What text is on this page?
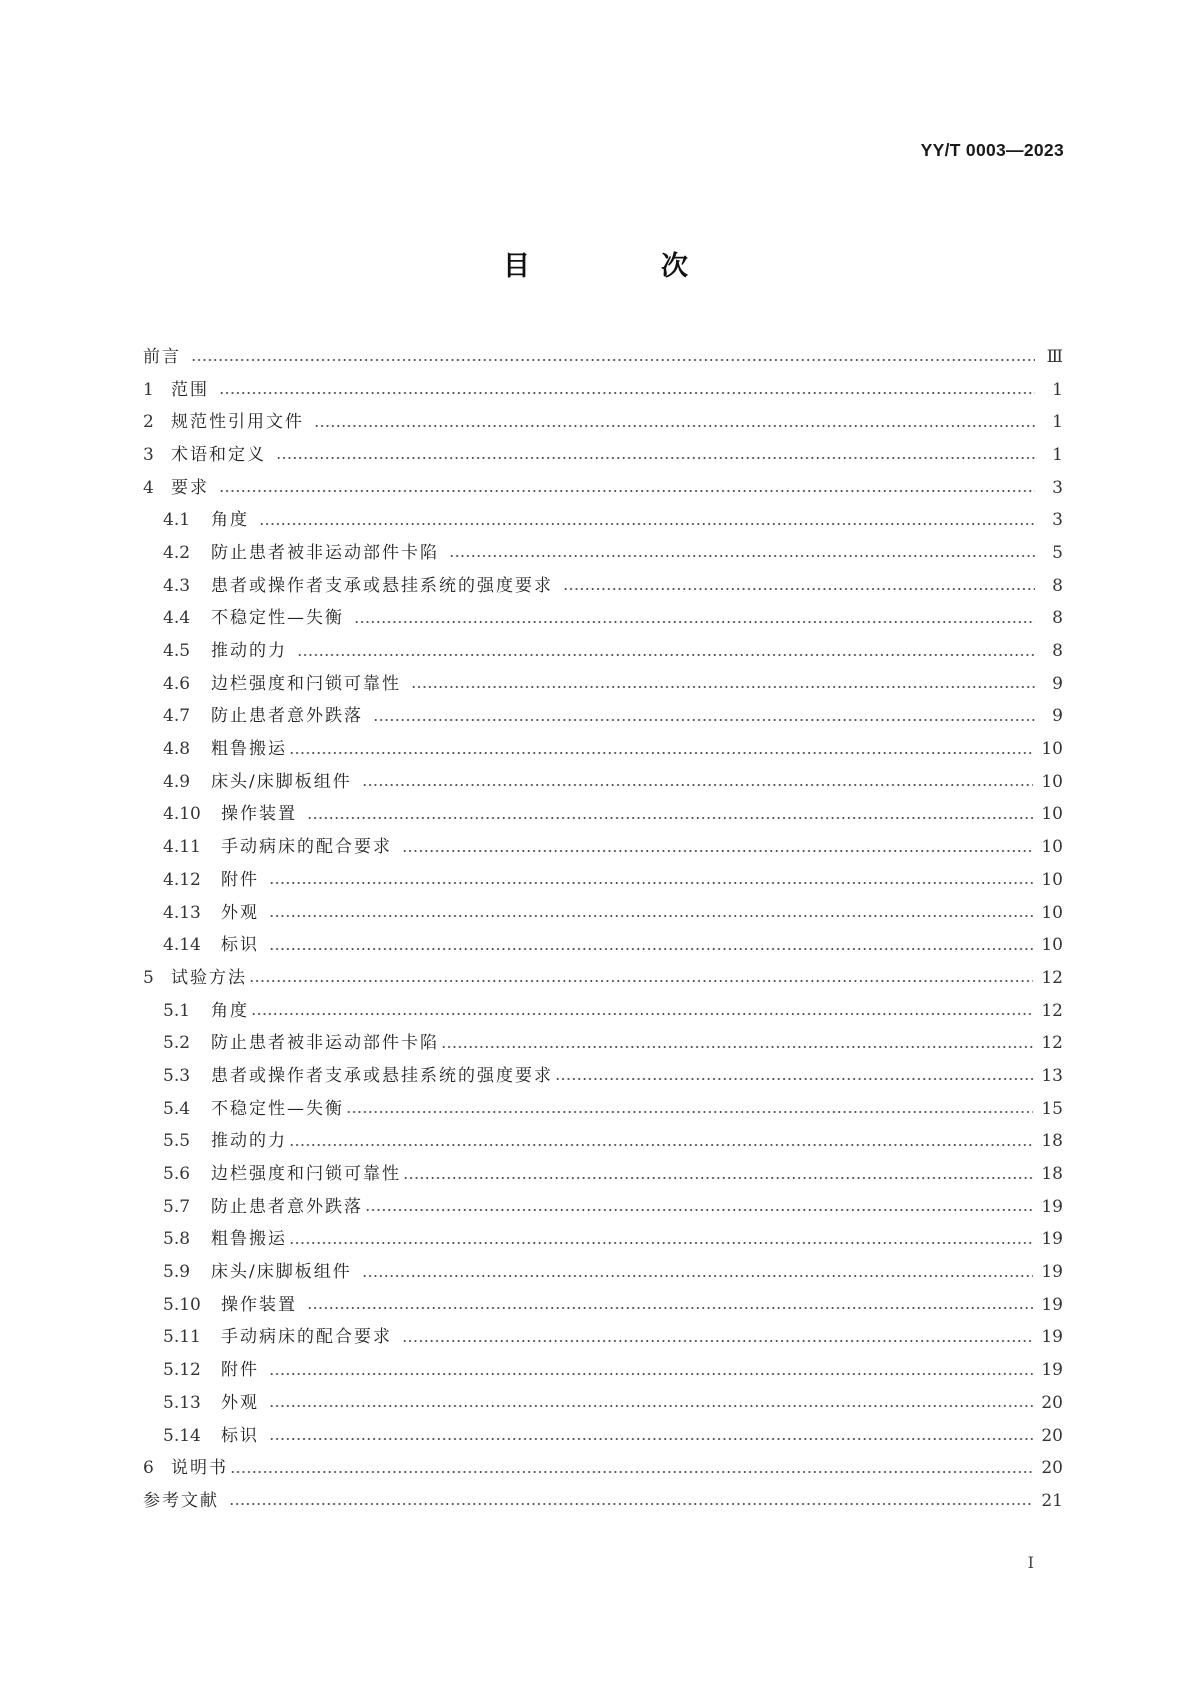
YY/T 0003—2023
目　次
前言	Ⅲ
1	范围	1
2	规范性引用文件	1
3	术语和定义	1
4	要求	3
4.1	角度	3
4.2	防止患者被非运动部件卡陷	5
4.3	患者或操作者支承或悬挂系统的强度要求	8
4.4	不稳定性—失衡	8
4.5	推动的力	8
4.6	边栏强度和闩锁可靠性	9
4.7	防止患者意外跌落	9
4.8	粗鲁搬运	10
4.9	床头/床脚板组件	10
4.10	操作装置	10
4.11	手动病床的配合要求	10
4.12	附件	10
4.13	外观	10
4.14	标识	10
5	试验方法	12
5.1	角度	12
5.2	防止患者被非运动部件卡陷	12
5.3	患者或操作者支承或悬挂系统的强度要求	13
5.4	不稳定性—失衡	15
5.5	推动的力	18
5.6	边栏强度和闩锁可靠性	18
5.7	防止患者意外跌落	19
5.8	粗鲁搬运	19
5.9	床头/床脚板组件	19
5.10	操作装置	19
5.11	手动病床的配合要求	19
5.12	附件	19
5.13	外观	20
5.14	标识	20
6	说明书	20
参考文献	21
Ⅰ
